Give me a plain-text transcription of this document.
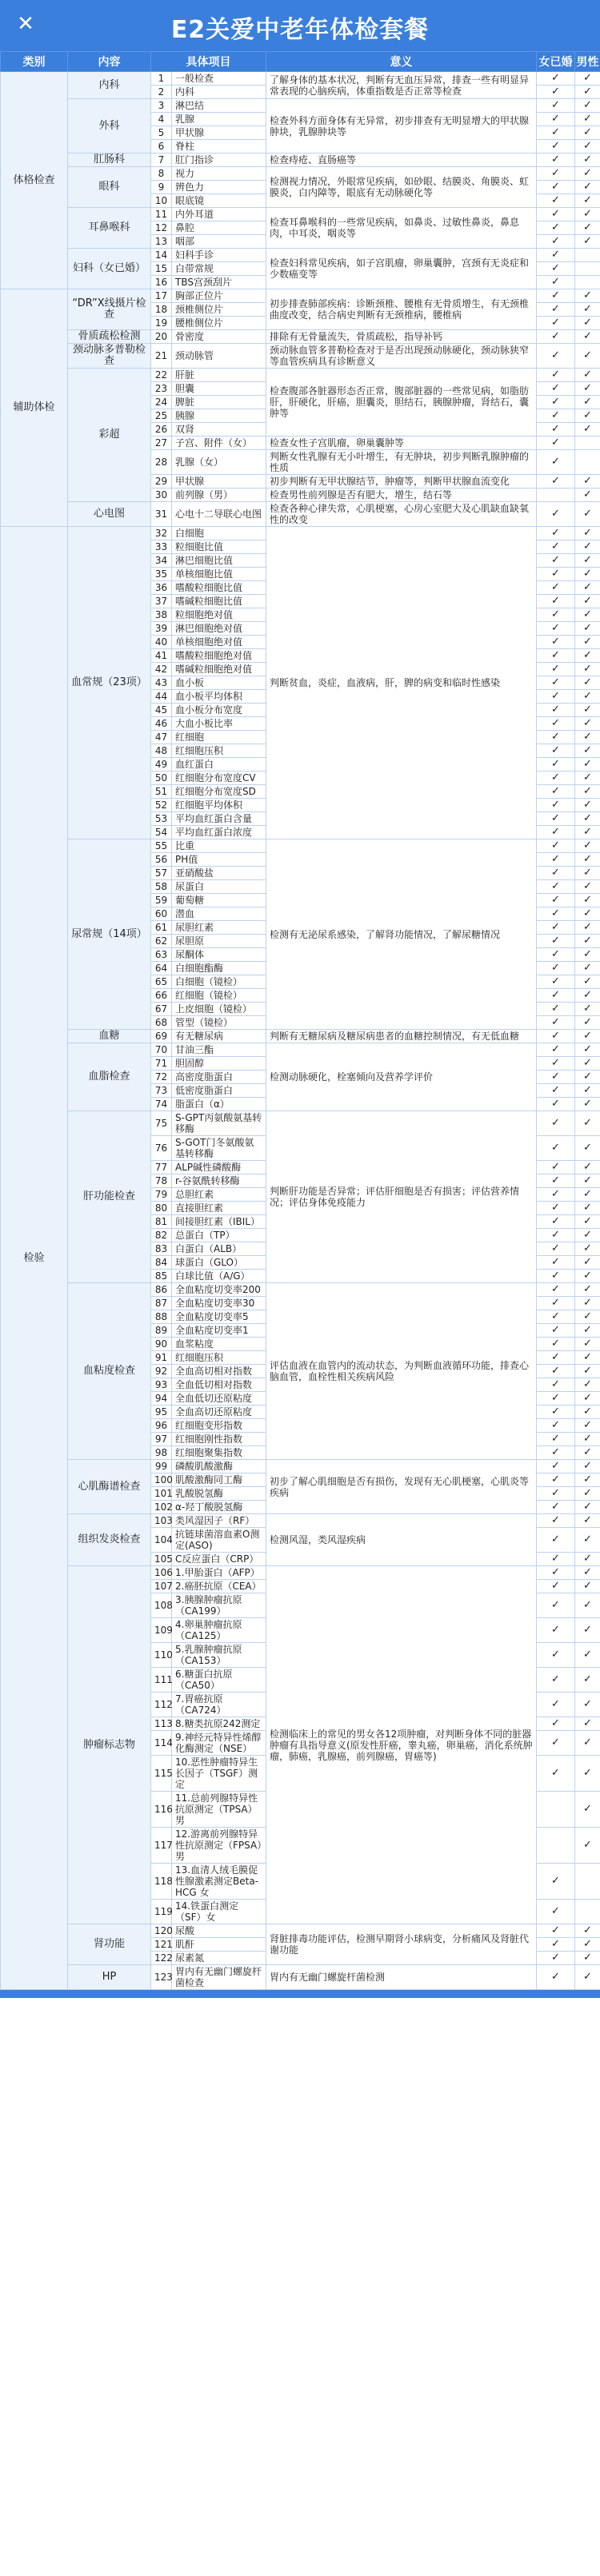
✕	E2关爱中老年体检套餐
类别	内容	具体项目		意义	女已婚	男性
体格检查	内科	1	一般检查	了解身体的基本状况，判断有无血压异常，排查一些有明显异常表现的心脑疾病，体重指数是否正常等检查	✓	✓
		2	内科		✓	✓
	外科	3	淋巴结	检查外科方面身体有无异常，初步排查有无明显增大的甲状腺肿块，乳腺肿块等	✓	✓
		4	乳腺		✓	✓
		5	甲状腺		✓	✓
		6	脊柱		✓	✓
	肛肠科	7	肛门指诊	检查痔疮、直肠癌等	✓	✓
	眼科	8	视力	检测视力情况，外眼常见疾病，如砂眼、结膜炎、角膜炎、虹膜炎，白内障等，眼底有无动脉硬化等	✓	✓
		9	辨色力		✓	✓
		10	眼底镜		✓	✓
	耳鼻喉科	11	内外耳道	检查耳鼻喉科的一些常见疾病，如鼻炎、过敏性鼻炎，鼻息肉，中耳炎，咽炎等	✓	✓
		12	鼻腔		✓	✓
		13	咽部		✓	✓
	妇科（女已婚）	14	妇科手诊	检查妇科常见疾病，如子宫肌瘤，卵巢囊肿，宫颈有无炎症和少数癌变等	✓	
		15	白带常规		✓	
		16	TBS宫颈刮片		✓	
辅助体检	“DR”X线摄片检查	17	胸部正位片	初步排查肺部疾病：诊断颈椎、腰椎有无骨质增生，有无颈椎曲度改变，结合病史判断有无颈椎病，腰椎病	✓	✓
		18	颈椎侧位片		✓	✓
		19	腰椎侧位片		✓	✓
	骨质疏松检测	20	骨密度	排除有无骨量流失，骨质疏松，指导补钙	✓	✓
	颈动脉多普勒检查	21	颈动脉管	颈动脉血管多普勒检查对于是否出现颈动脉硬化，颈动脉狭窄等血管疾病具有诊断意义	✓	✓
	彩超	22	肝脏	检查腹部各脏器形态否正常，腹部脏器的一些常见病，如脂肪肝，肝硬化，肝癌，胆囊炎，胆结石，胰腺肿瘤，肾结石，囊肿等	✓	✓
		23	胆囊		✓	✓
		24	脾脏		✓	✓
		25	胰腺		✓	✓
		26	双肾		✓	✓
		27	子宫、附件（女）	检查女性子宫肌瘤，卵巢囊肿等	✓	
		28	乳腺（女）	判断女性乳腺有无小叶增生，有无肿块，初步判断乳腺肿瘤的性质	✓	
		29	甲状腺	初步判断有无甲状腺结节，肿瘤等，判断甲状腺血流变化	✓	✓
		30	前列腺（男）	检查男性前列腺是否有肥大，增生，结石等		✓
	心电图	31	心电十二导联心电图	检查各种心律失常，心肌梗塞，心房心室肥大及心肌缺血缺氧性的改变	✓	✓
检验	血常规（23项）	32	白细胞	判断贫血，炎症，血液病，肝，脾的病变和临时性感染	✓	✓
		33	粒细胞比值		✓	✓
		34	淋巴细胞比值		✓	✓
		35	单核细胞比值		✓	✓
		36	嗜酸粒细胞比值		✓	✓
		37	嗜碱粒细胞比值		✓	✓
		38	粒细胞绝对值		✓	✓
		39	淋巴细胞绝对值		✓	✓
		40	单核细胞绝对值		✓	✓
		41	嗜酸粒细胞绝对值		✓	✓
		42	嗜碱粒细胞绝对值		✓	✓
		43	血小板		✓	✓
		44	血小板平均体积		✓	✓
		45	血小板分布宽度		✓	✓
		46	大血小板比率		✓	✓
		47	红细胞		✓	✓
		48	红细胞压积		✓	✓
		49	血红蛋白		✓	✓
		50	红细胞分布宽度CV		✓	✓
		51	红细胞分布宽度SD		✓	✓
		52	红细胞平均体积		✓	✓
		53	平均血红蛋白含量		✓	✓
		54	平均血红蛋白浓度		✓	✓
	尿常规（14项）	55	比重	检测有无泌尿系感染，了解肾功能情况，了解尿糖情况	✓	✓
		56	PH值		✓	✓
		57	亚硝酸盐		✓	✓
		58	尿蛋白		✓	✓
		59	葡萄糖		✓	✓
		60	潜血		✓	✓
		61	尿胆红素		✓	✓
		62	尿胆原		✓	✓
		63	尿酮体		✓	✓
		64	白细胞酯酶		✓	✓
		65	白细胞（镜检）		✓	✓
		66	红细胞（镜检）		✓	✓
		67	上皮细胞（镜检）		✓	✓
		68	管型（镜检）		✓	✓
	血糖	69	有无糖尿病	判断有无糖尿病及糖尿病患者的血糖控制情况，有无低血糖	✓	✓
	血脂检查	70	甘油三酯	检测动脉硬化，栓塞倾向及营养学评价	✓	✓
		71	胆固醇		✓	✓
		72	高密度脂蛋白		✓	✓
		73	低密度脂蛋白		✓	✓
		74	脂蛋白（α）		✓	✓
	肝功能检查	75	S-GPT丙氨酸氨基转移酶	判断肝功能是否异常；评估肝细胞是否有损害；评估营养情况；评估身体免疫能力	✓	✓
		76	S-GOT门冬氨酸氨基转移酶		✓	✓
		77	ALP碱性磷酸酶		✓	✓
		78	r-谷氨酰转移酶		✓	✓
		79	总胆红素		✓	✓
		80	直接胆红素		✓	✓
		81	间接胆红素（IBIL）		✓	✓
		82	总蛋白（TP）		✓	✓
		83	白蛋白（ALB）		✓	✓
		84	球蛋白（GLO）		✓	✓
		85	白球比值（A/G）		✓	✓
	血粘度检查	86	全血粘度切变率200	评估血液在血管内的流动状态，为判断血液循环功能，排查心脑血管，血栓性相关疾病风险	✓	✓
		87	全血粘度切变率30		✓	✓
		88	全血粘度切变率5		✓	✓
		89	全血粘度切变率1		✓	✓
		90	血浆粘度		✓	✓
		91	红细胞压积		✓	✓
		92	全血高切相对指数		✓	✓
		93	全血低切相对指数		✓	✓
		94	全血低切还原粘度		✓	✓
		95	全血高切还原粘度		✓	✓
		96	红细胞变形指数		✓	✓
		97	红细胞刚性指数		✓	✓
		98	红细胞聚集指数		✓	✓
	心肌酶谱检查	99	磷酸肌酸激酶	初步了解心肌细胞是否有损伤，发现有无心肌梗塞，心肌炎等疾病	✓	✓
		100	肌酸激酶同工酶		✓	✓
		101	乳酸脱氢酶		✓	✓
		102	α-羟丁酸脱氢酶		✓	✓
	组织发炎检查	103	类风湿因子（RF）	检测风湿，类风湿疾病	✓	✓
		104	抗链球菌溶血素O测定(ASO)		✓	✓
		105	C反应蛋白（CRP）		✓	✓
	肿瘤标志物	106	1.甲胎蛋白（AFP）	检测临床上的常见的男女各12项肿瘤，对判断身体不同的脏器肿瘤有具指导意义(原发性肝癌，睾丸癌，卵巢癌，消化系统肿瘤，肺癌，乳腺癌，前列腺癌，胃癌等)	✓	✓
		107	2.癌胚抗原（CEA）		✓	✓
		108	3.胰腺肿瘤抗原（CA199）		✓	✓
		109	4.卵巢肿瘤抗原（CA125）		✓	✓
		110	5.乳腺肿瘤抗原（CA153）		✓	✓
		111	6.糖蛋白抗原（CA50）		✓	✓
		112	7.胃癌抗原（CA724）		✓	✓
		113	8.糖类抗原242测定		✓	✓
		114	9.神经元特异性烯醇化酶测定（NSE）		✓	✓
		115	10.恶性肿瘤特异生长因子（TSGF）测定		✓	✓
		116	11.总前列腺特异性抗原测定（TPSA）男			✓
		117	12.游离前列腺特异性抗原测定（FPSA）男			✓
		118	13.血清人绒毛膜促性腺激素测定Beta-HCG 女		✓	
		119	14.铁蛋白测定（SF）女		✓	
	肾功能	120	尿酸	肾脏排毒功能评估，检测早期肾小球病变，分析痛风及肾脏代谢功能	✓	✓
		121	肌酐		✓	✓
		122	尿素氮		✓	✓
	HP	123	胃内有无幽门螺旋杆菌检查	胃内有无幽门螺旋杆菌检测	✓	✓
